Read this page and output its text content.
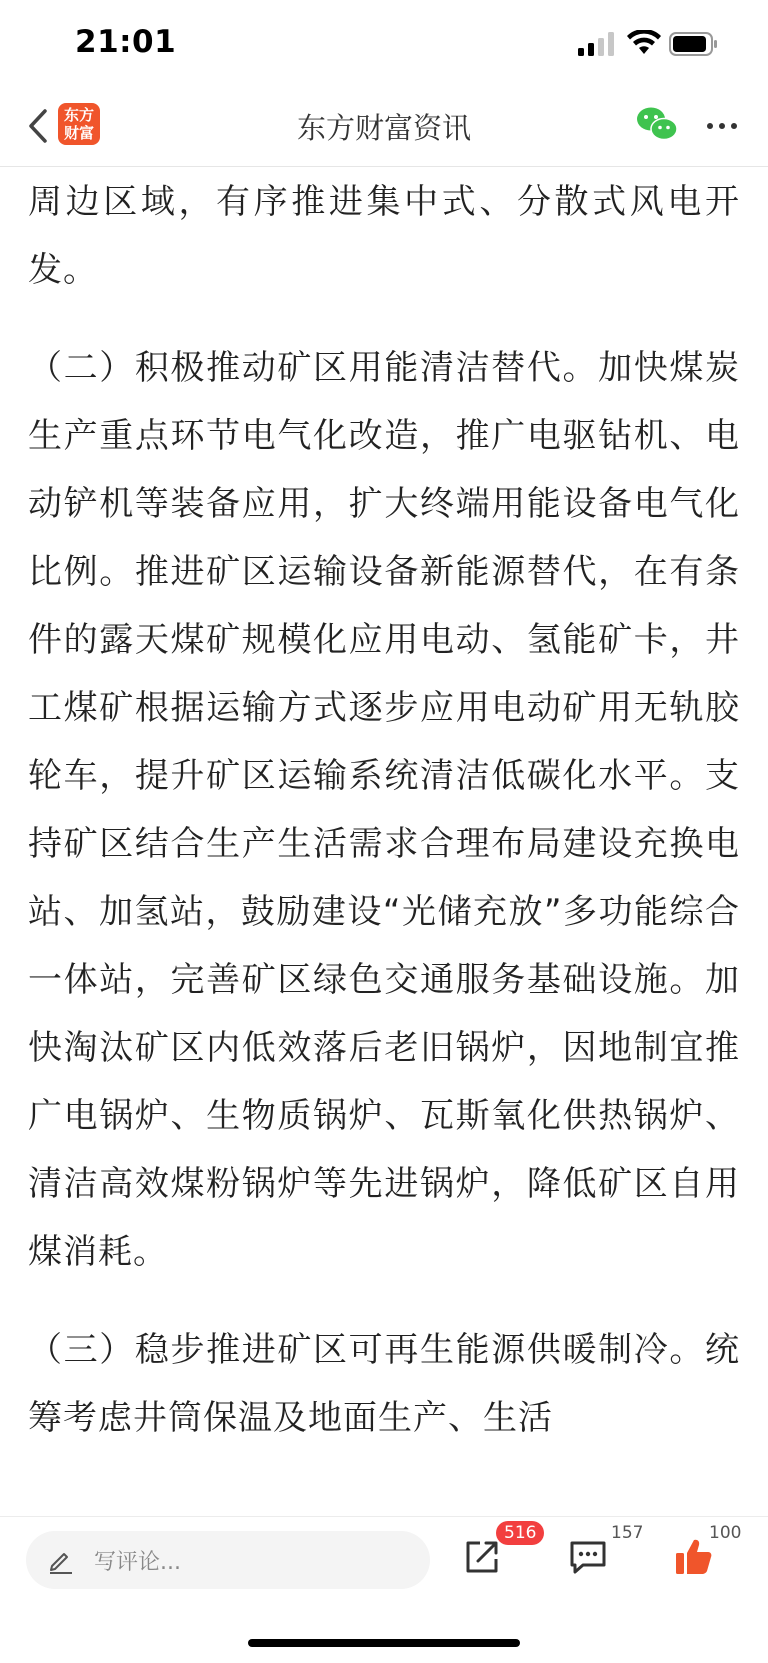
21:01
东方
财富	东方财富资讯

周边区域，有序推进集中式、分散式风电开发。

（二）积极推动矿区用能清洁替代。加快煤炭生产重点环节电气化改造，推广电驱钻机、电动铲机等装备应用，扩大终端用能设备电气化比例。推进矿区运输设备新能源替代，在有条件的露天煤矿规模化应用电动、氢能矿卡，井工煤矿根据运输方式逐步应用电动矿用无轨胶轮车，提升矿区运输系统清洁低碳化水平。支持矿区结合生产生活需求合理布局建设充换电站、加氢站，鼓励建设“光储充放”多功能综合一体站，完善矿区绿色交通服务基础设施。加快淘汰矿区内低效落后老旧锅炉，因地制宜推广电锅炉、生物质锅炉、瓦斯氧化供热锅炉、清洁高效煤粉锅炉等先进锅炉，降低矿区自用煤消耗。

（三）稳步推进矿区可再生能源供暖制冷。统筹考虑井筒保温及地面生产、生活

写评论...
516	157	100
